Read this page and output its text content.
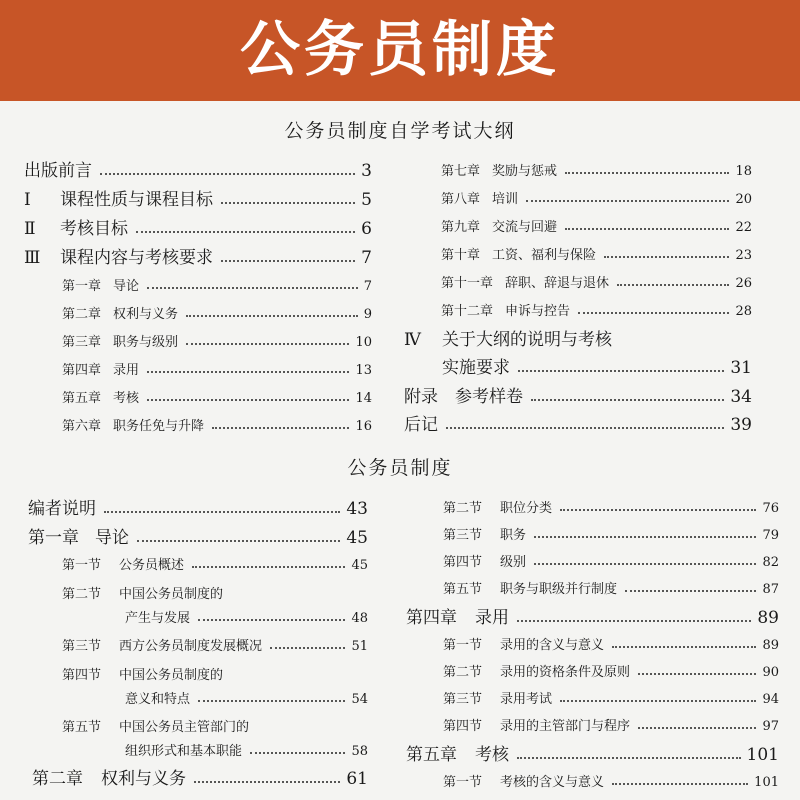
公务员制度
公务员制度自学考试大纲
出版前言	3
Ⅰ	课程性质与课程目标	5
Ⅱ	考核目标	6
Ⅲ	课程内容与考核要求	7
第一章 导论	7
第二章 权利与义务	9
第三章 职务与级别	10
第四章 录用	13
第五章 考核	14
第六章 职务任免与升降	16
第七章 奖励与惩戒	18
第八章 培训	20
第九章 交流与回避	22
第十章 工资、福利与保险	23
第十一章 辞职、辞退与退休	26
第十二章 申诉与控告	28
Ⅳ	关于大纲的说明与考核
实施要求	31
附录　参考样卷	34
后记	39
公务员制度
编者说明	43
第一章 导论	45
第一节 公务员概述	45
第二节 中国公务员制度的
产生与发展	48
第三节 西方公务员制度发展概况	51
第四节 中国公务员制度的
意义和特点	54
第五节 中国公务员主管部门的
组织形式和基本职能	58
第二章 权利与义务	61
第二节 职位分类	76
第三节 职务	79
第四节 级别	82
第五节 职务与职级并行制度	87
第四章 录用	89
第一节 录用的含义与意义	89
第二节 录用的资格条件及原则	90
第三节 录用考试	94
第四节 录用的主管部门与程序	97
第五章 考核	101
第一节 考核的含义与意义	101
